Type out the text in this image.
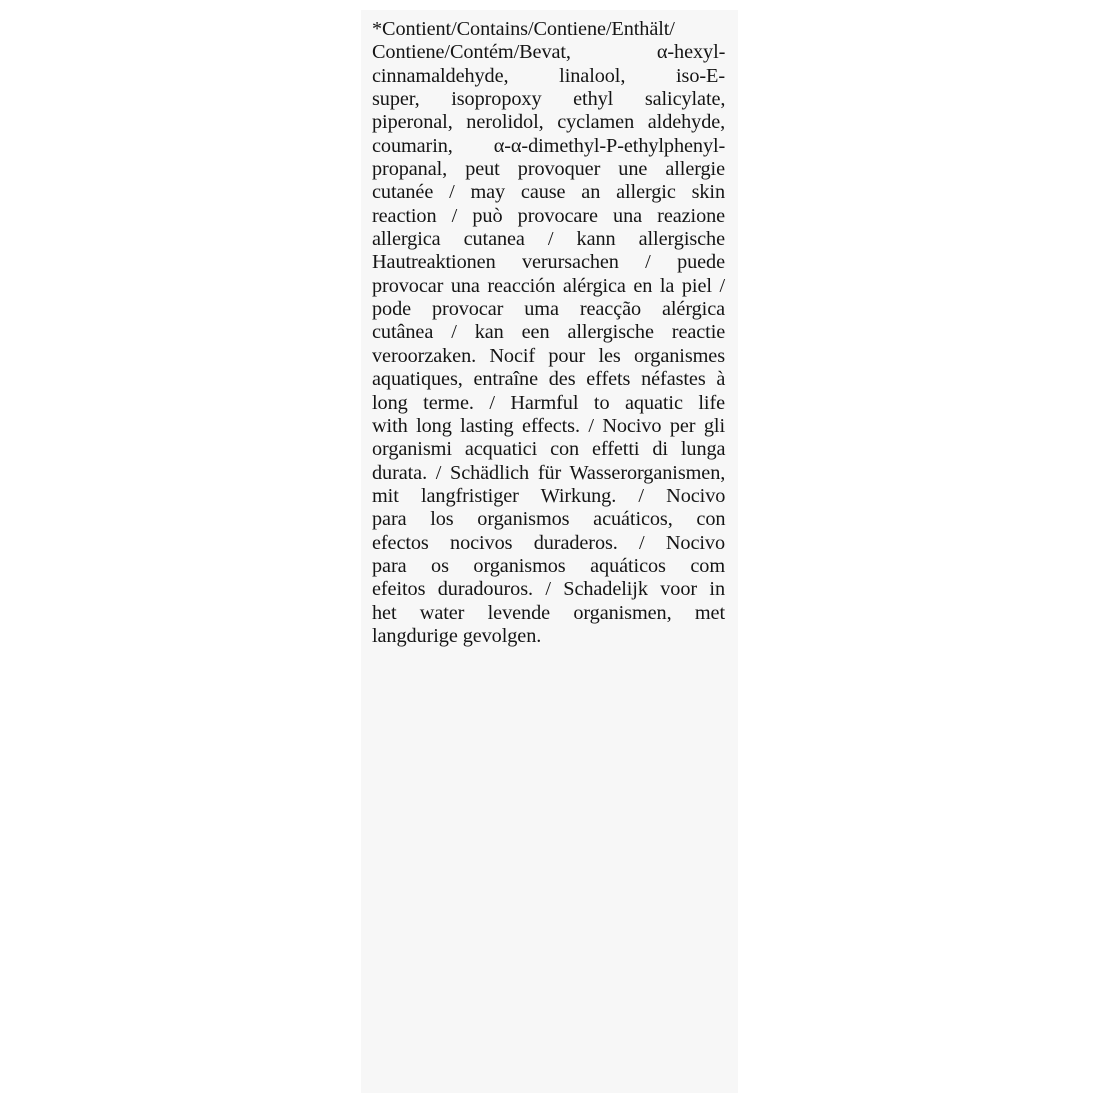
*Contient/Contains/Contiene/Enthält/
Contiene/Contém/Bevat, α-hexyl-
cinnamaldehyde, linalool, iso-E-
super, isopropoxy ethyl salicylate,
piperonal, nerolidol, cyclamen aldehyde,
coumarin, α-α-dimethyl-P-ethylphenyl-
propanal, peut provoquer une allergie
cutanée / may cause an allergic skin
reaction / può provocare una reazione
allergica cutanea / kann allergische
Hautreaktionen verursachen / puede
provocar una reacción alérgica en la piel /
pode provocar uma reacção alérgica
cutânea / kan een allergische reactie
veroorzaken. Nocif pour les organismes
aquatiques, entraîne des effets néfastes à
long terme. / Harmful to aquatic life
with long lasting effects. / Nocivo per gli
organismi acquatici con effetti di lunga
durata. / Schädlich für Wasserorganismen,
mit langfristiger Wirkung. / Nocivo
para los organismos acuáticos, con
efectos nocivos duraderos. / Nocivo
para os organismos aquáticos com
efeitos duradouros. / Schadelijk voor in
het water levende organismen, met
langdurige gevolgen.
